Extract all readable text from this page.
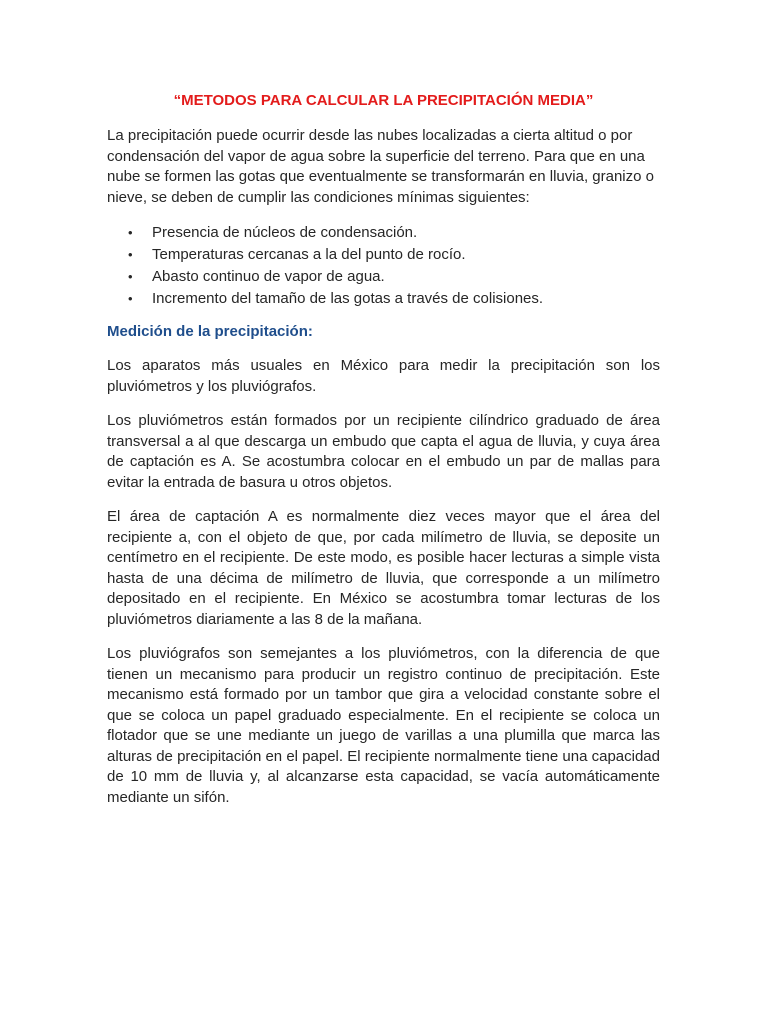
“METODOS PARA CALCULAR LA PRECIPITACIÓN MEDIA”

La precipitación puede ocurrir desde las nubes localizadas a cierta altitud o por condensación del vapor de agua sobre la superficie del terreno. Para que en una nube se formen las gotas que eventualmente se transformarán en lluvia, granizo o nieve, se deben de cumplir las condiciones mínimas siguientes:

• Presencia de núcleos de condensación.
• Temperaturas cercanas a la del punto de rocío.
• Abasto continuo de vapor de agua.
• Incremento del tamaño de las gotas a través de colisiones.
Medición de la precipitación:

Los aparatos más usuales en México para medir la precipitación son los pluviómetros y los pluviógrafos.

Los pluviómetros están formados por un recipiente cilíndrico graduado de área transversal a al que descarga un embudo que capta el agua de lluvia, y cuya área de captación es A. Se acostumbra colocar en el embudo un par de mallas para evitar la entrada de basura u otros objetos.

El área de captación A es normalmente diez veces mayor que el área del recipiente a, con el objeto de que, por cada milímetro de lluvia, se deposite un centímetro en el recipiente. De este modo, es posible hacer lecturas a simple vista hasta de una décima de milímetro de lluvia, que corresponde a un milímetro depositado en el recipiente. En México se acostumbra tomar lecturas de los pluviómetros diariamente a las 8 de la mañana.

Los pluviógrafos son semejantes a los pluviómetros, con la diferencia de que tienen un mecanismo para producir un registro continuo de precipitación. Este mecanismo está formado por un tambor que gira a velocidad constante sobre el que se coloca un papel graduado especialmente. En el recipiente se coloca un flotador que se une mediante un juego de varillas a una plumilla que marca las alturas de precipitación en el papel. El recipiente normalmente tiene una capacidad de 10 mm de lluvia y, al alcanzarse esta capacidad, se vacía automáticamente mediante un sifón.
